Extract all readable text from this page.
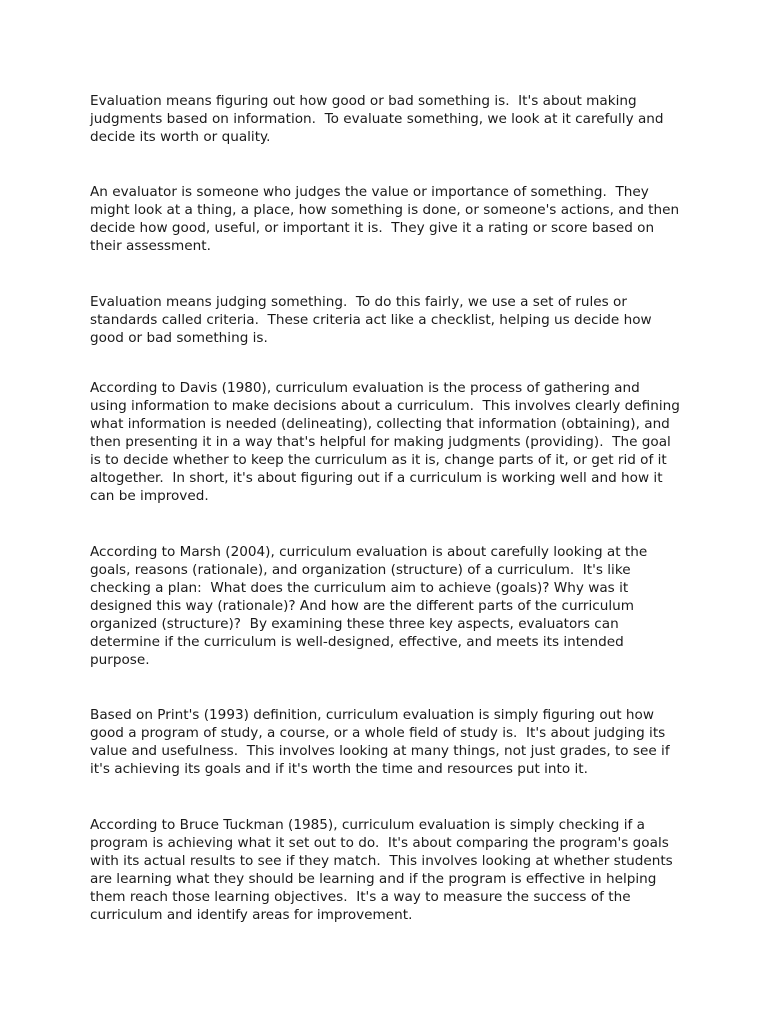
Evaluation means figuring out how good or bad something is.  It's about making judgments based on information.  To evaluate something, we look at it carefully and decide its worth or quality.

An evaluator is someone who judges the value or importance of something.  They might look at a thing, a place, how something is done, or someone's actions, and then decide how good, useful, or important it is.  They give it a rating or score based on their assessment.

Evaluation means judging something.  To do this fairly, we use a set of rules or standards called criteria.  These criteria act like a checklist, helping us decide how good or bad something is.

According to Davis (1980), curriculum evaluation is the process of gathering and using information to make decisions about a curriculum.  This involves clearly defining what information is needed (delineating), collecting that information (obtaining), and then presenting it in a way that's helpful for making judgments (providing).  The goal is to decide whether to keep the curriculum as it is, change parts of it, or get rid of it altogether.  In short, it's about figuring out if a curriculum is working well and how it can be improved.

According to Marsh (2004), curriculum evaluation is about carefully looking at the goals, reasons (rationale), and organization (structure) of a curriculum.  It's like checking a plan:  What does the curriculum aim to achieve (goals)? Why was it designed this way (rationale)? And how are the different parts of the curriculum organized (structure)?  By examining these three key aspects, evaluators can determine if the curriculum is well-designed, effective, and meets its intended purpose.

Based on Print's (1993) definition, curriculum evaluation is simply figuring out how good a program of study, a course, or a whole field of study is.  It's about judging its value and usefulness.  This involves looking at many things, not just grades, to see if it's achieving its goals and if it's worth the time and resources put into it.

According to Bruce Tuckman (1985), curriculum evaluation is simply checking if a program is achieving what it set out to do.  It's about comparing the program's goals with its actual results to see if they match.  This involves looking at whether students are learning what they should be learning and if the program is effective in helping them reach those learning objectives.  It's a way to measure the success of the curriculum and identify areas for improvement.
